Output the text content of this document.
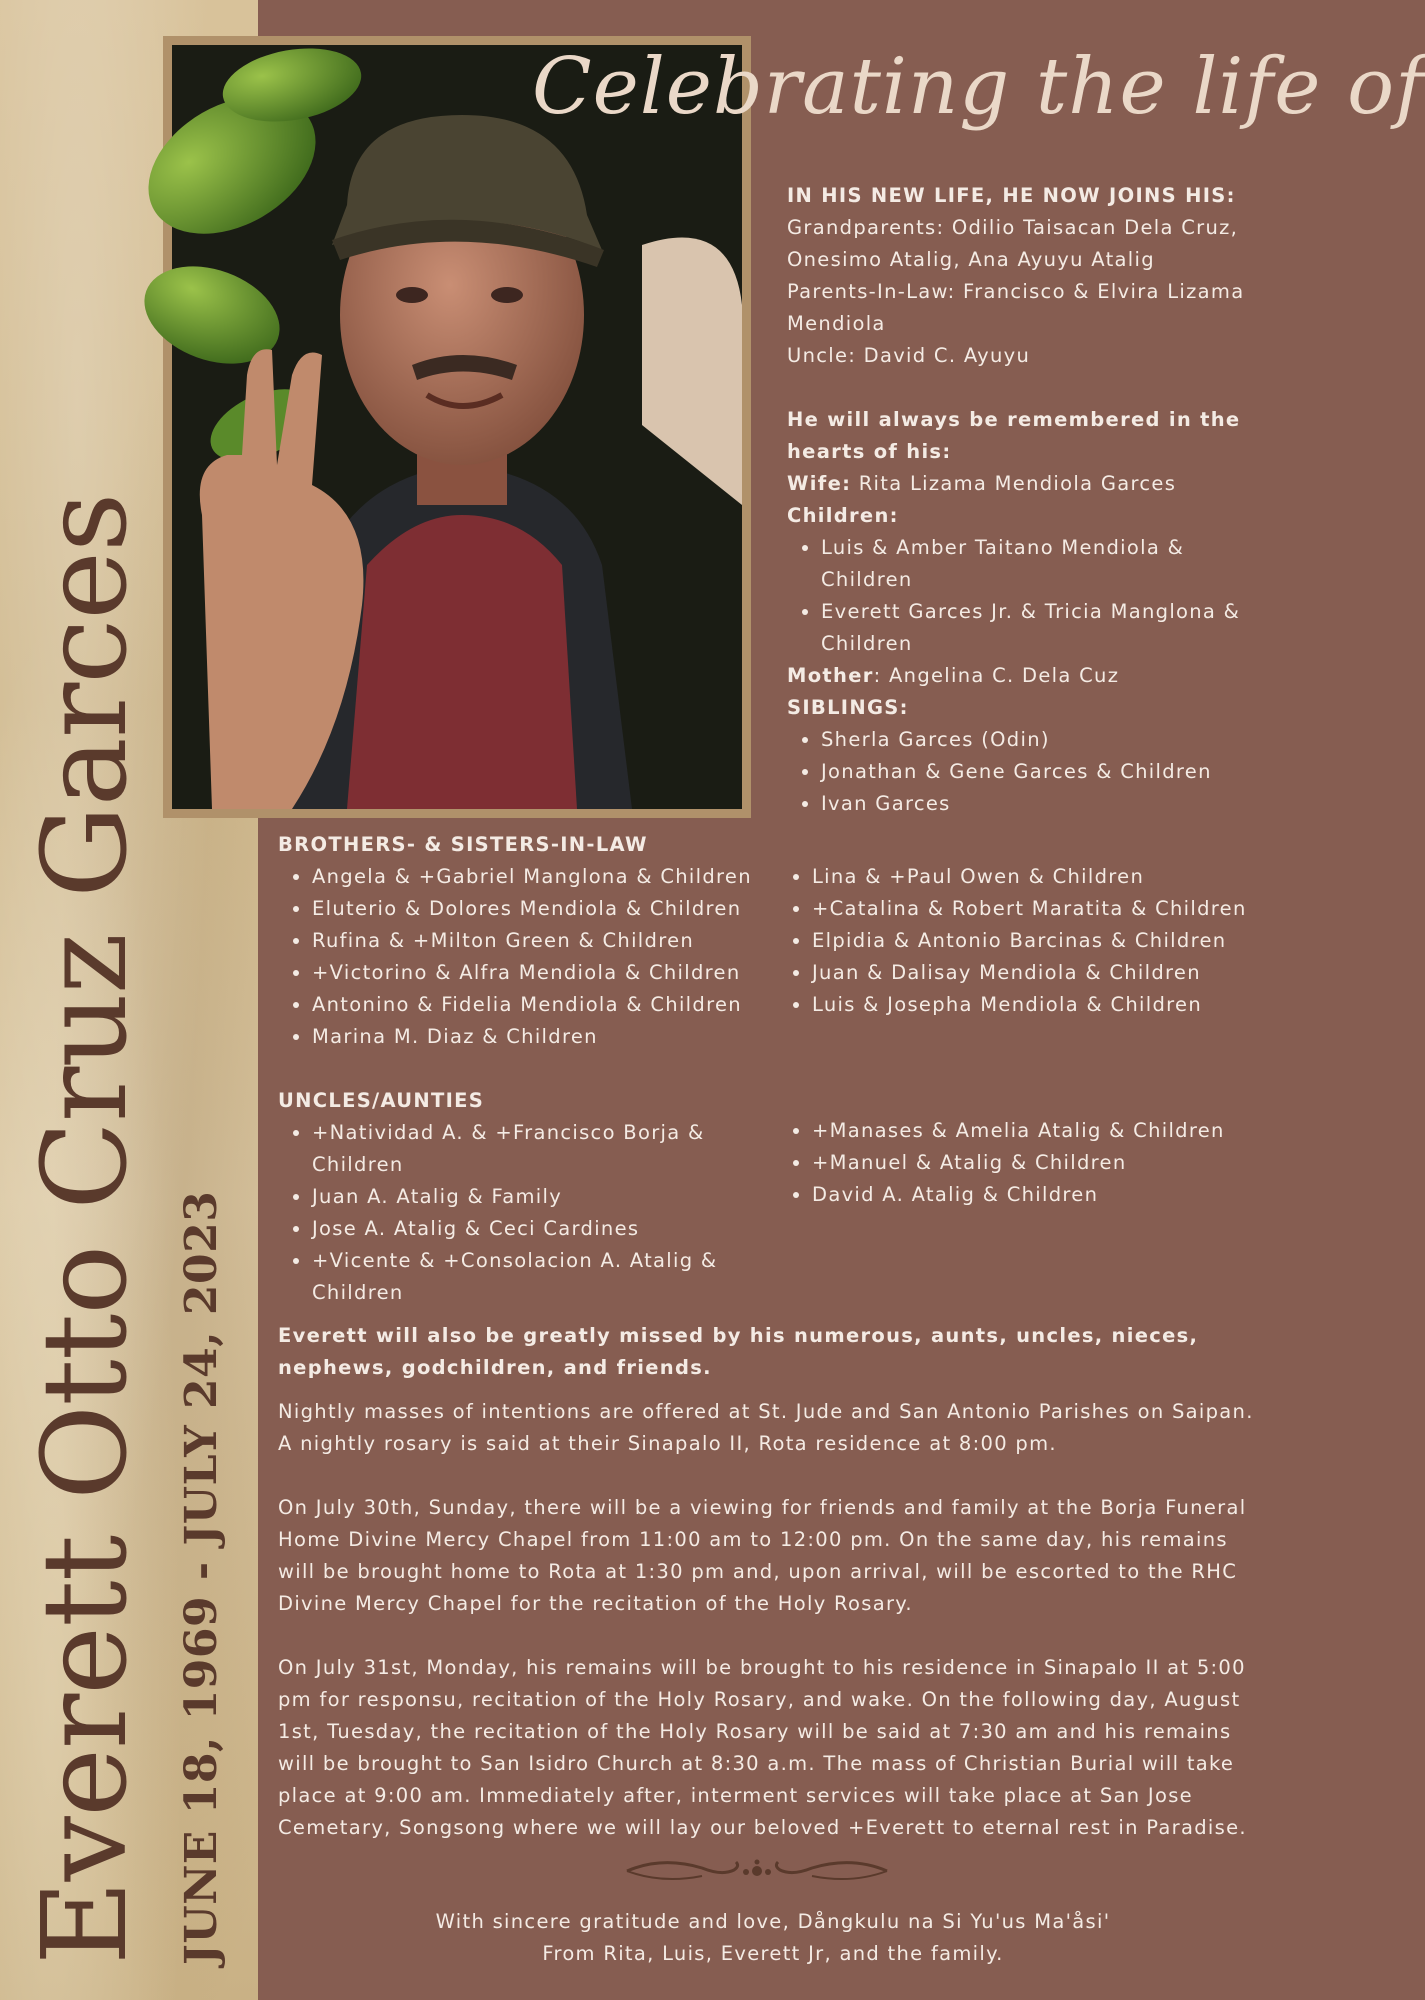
Everett Otto Cruz Garces JUNE 18, 1969 - JULY 24, 2023
Celebrating the life of
IN HIS NEW LIFE, HE NOW JOINS HIS:
Grandparents: Odilio Taisacan Dela Cruz, Onesimo Atalig, Ana Ayuyu Atalig
Parents-In-Law: Francisco & Elvira Lizama Mendiola
Uncle: David C. Ayuyu
He will always be remembered in the hearts of his:
Wife: Rita Lizama Mendiola Garces
Children:
• Luis & Amber Taitano Mendiola & Children
• Everett Garces Jr. & Tricia Manglona & Children
Mother: Angelina C. Dela Cuz
SIBLINGS:
• Sherla Garces (Odin)
• Jonathan & Gene Garces & Children
• Ivan Garces
BROTHERS- & SISTERS-IN-LAW
• Angela & +Gabriel Manglona & Children
• Eluterio & Dolores Mendiola & Children
• Rufina & +Milton Green & Children
• +Victorino & Alfra Mendiola & Children
• Antonino & Fidelia Mendiola & Children
• Marina M. Diaz & Children
• Lina & +Paul Owen & Children
• +Catalina & Robert Maratita & Children
• Elpidia & Antonio Barcinas & Children
• Juan & Dalisay Mendiola & Children
• Luis & Josepha Mendiola & Children
UNCLES/AUNTIES
• +Natividad A. & +Francisco Borja & Children
• Juan A. Atalig & Family
• Jose A. Atalig & Ceci Cardines
• +Vicente & +Consolacion A. Atalig & Children
• +Manases & Amelia Atalig & Children
• +Manuel & Atalig & Children
• David A. Atalig & Children

Everett will also be greatly missed by his numerous, aunts, uncles, nieces, nephews, godchildren, and friends.

Nightly masses of intentions are offered at St. Jude and San Antonio Parishes on Saipan. A nightly rosary is said at their Sinapalo II, Rota residence at 8:00 pm.

On July 30th, Sunday, there will be a viewing for friends and family at the Borja Funeral Home Divine Mercy Chapel from 11:00 am to 12:00 pm. On the same day, his remains will be brought home to Rota at 1:30 pm and, upon arrival, will be escorted to the RHC Divine Mercy Chapel for the recitation of the Holy Rosary.

On July 31st, Monday, his remains will be brought to his residence in Sinapalo II at 5:00 pm for responsu, recitation of the Holy Rosary, and wake. On the following day, August 1st, Tuesday, the recitation of the Holy Rosary will be said at 7:30 am and his remains will be brought to San Isidro Church at 8:30 a.m. The mass of Christian Burial will take place at 9:00 am. Immediately after, interment services will take place at San Jose Cemetary, Songsong where we will lay our beloved +Everett to eternal rest in Paradise.

With sincere gratitude and love, Dångkulu na Si Yu'us Ma'åsi'
From Rita, Luis, Everett Jr, and the family.
